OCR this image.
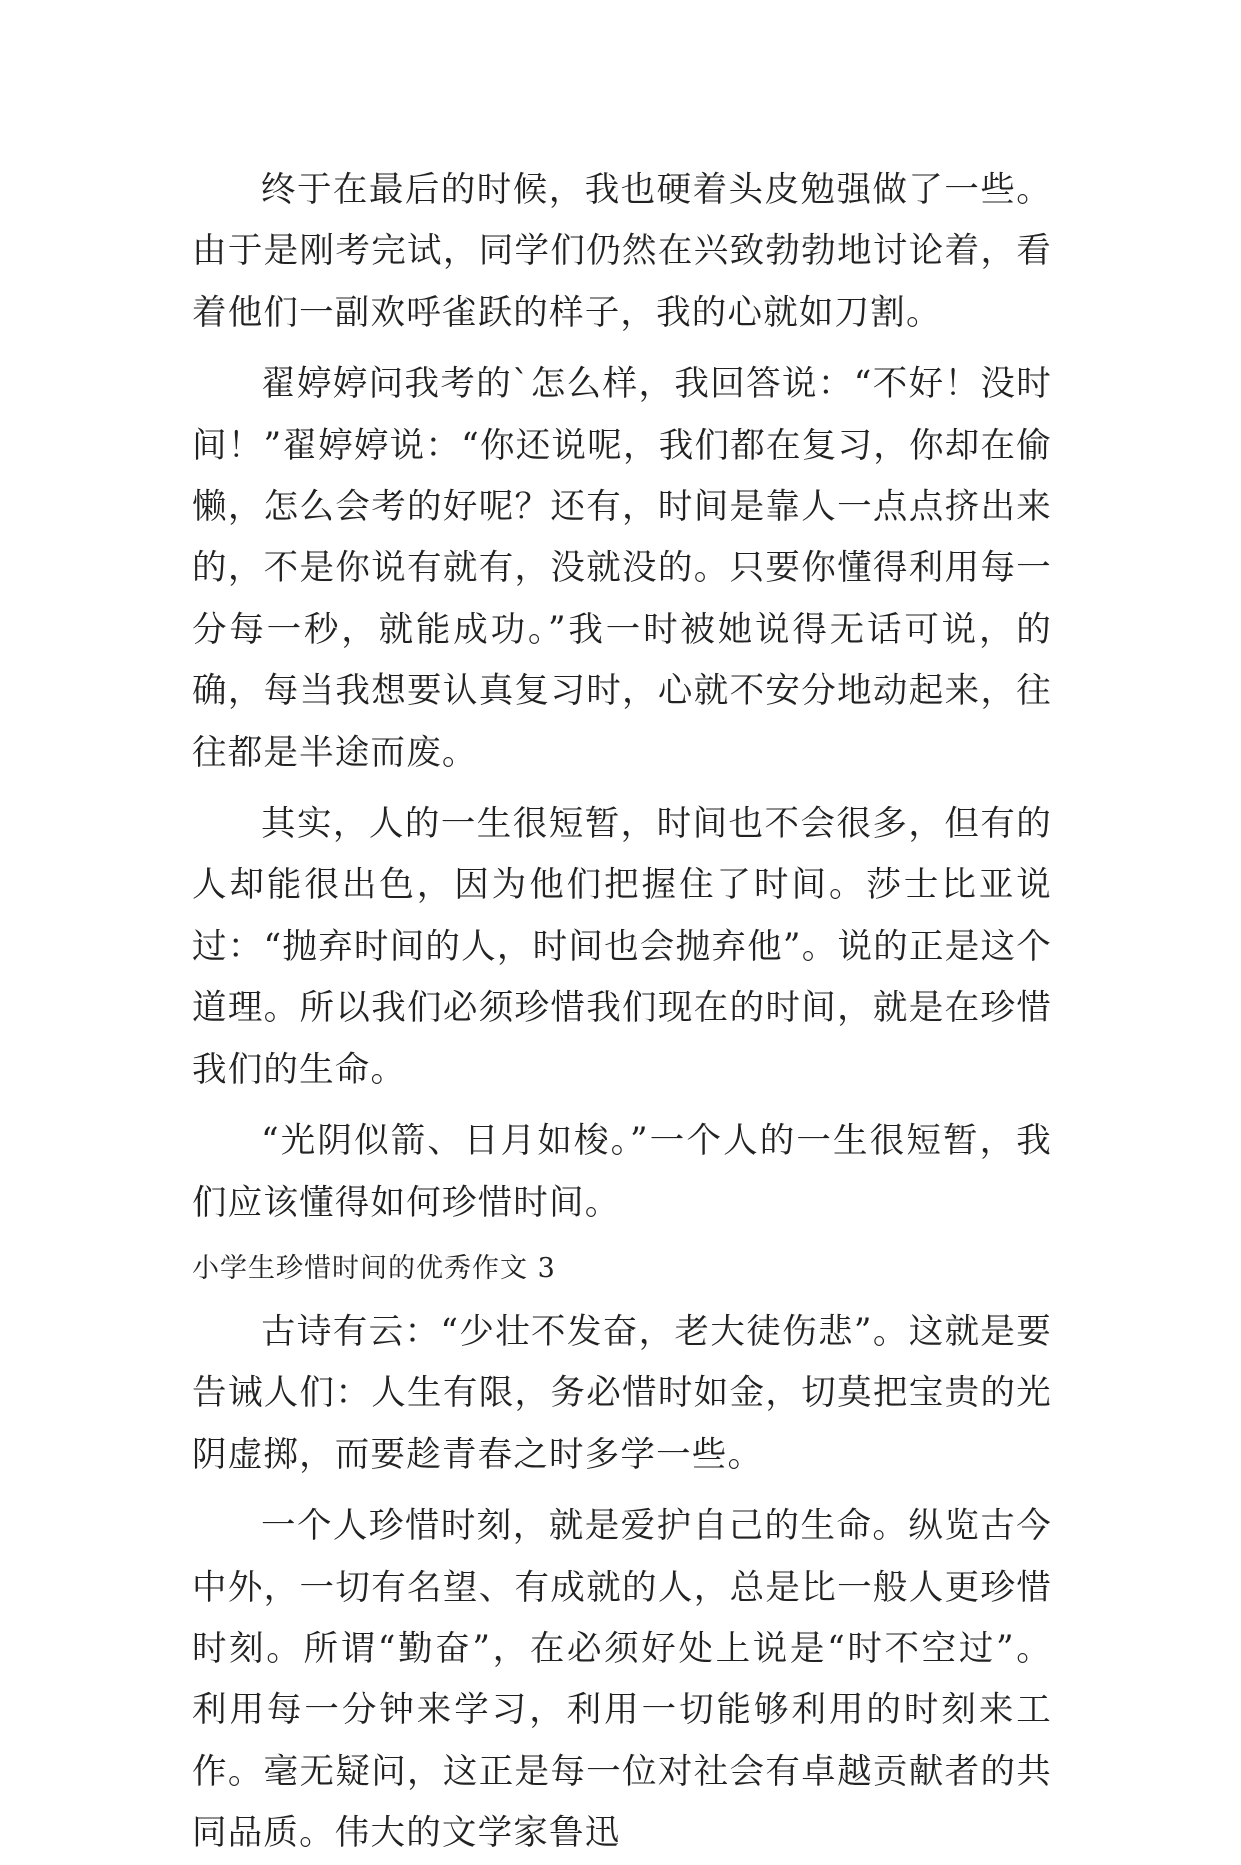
终于在最后的时候，我也硬着头皮勉强做了一些。由于是刚考完试，同学们仍然在兴致勃勃地讨论着，看着他们一副欢呼雀跃的样子，我的心就如刀割。

翟婷婷问我考的`怎么样，我回答说：“不好！没时间！”翟婷婷说：“你还说呢，我们都在复习，你却在偷懒，怎么会考的好呢？还有，时间是靠人一点点挤出来的，不是你说有就有，没就没的。只要你懂得利用每一分每一秒，就能成功。”我一时被她说得无话可说，的确，每当我想要认真复习时，心就不安分地动起来，往往都是半途而废。

其实，人的一生很短暂，时间也不会很多，但有的人却能很出色，因为他们把握住了时间。莎士比亚说过：“抛弃时间的人，时间也会抛弃他”。说的正是这个道理。所以我们必须珍惜我们现在的时间，就是在珍惜我们的生命。

“光阴似箭、日月如梭。”一个人的一生很短暂，我们应该懂得如何珍惜时间。

小学生珍惜时间的优秀作文 3

古诗有云：“少壮不发奋，老大徒伤悲”。这就是要告诫人们：人生有限，务必惜时如金，切莫把宝贵的光阴虚掷，而要趁青春之时多学一些。

一个人珍惜时刻，就是爱护自己的生命。纵览古今中外，一切有名望、有成就的人，总是比一般人更珍惜时刻。所谓“勤奋”，在必须好处上说是“时不空过”。利用每一分钟来学习，利用一切能够利用的时刻来工作。毫无疑问，这正是每一位对社会有卓越贡献者的共同品质。伟大的文学家鲁迅
